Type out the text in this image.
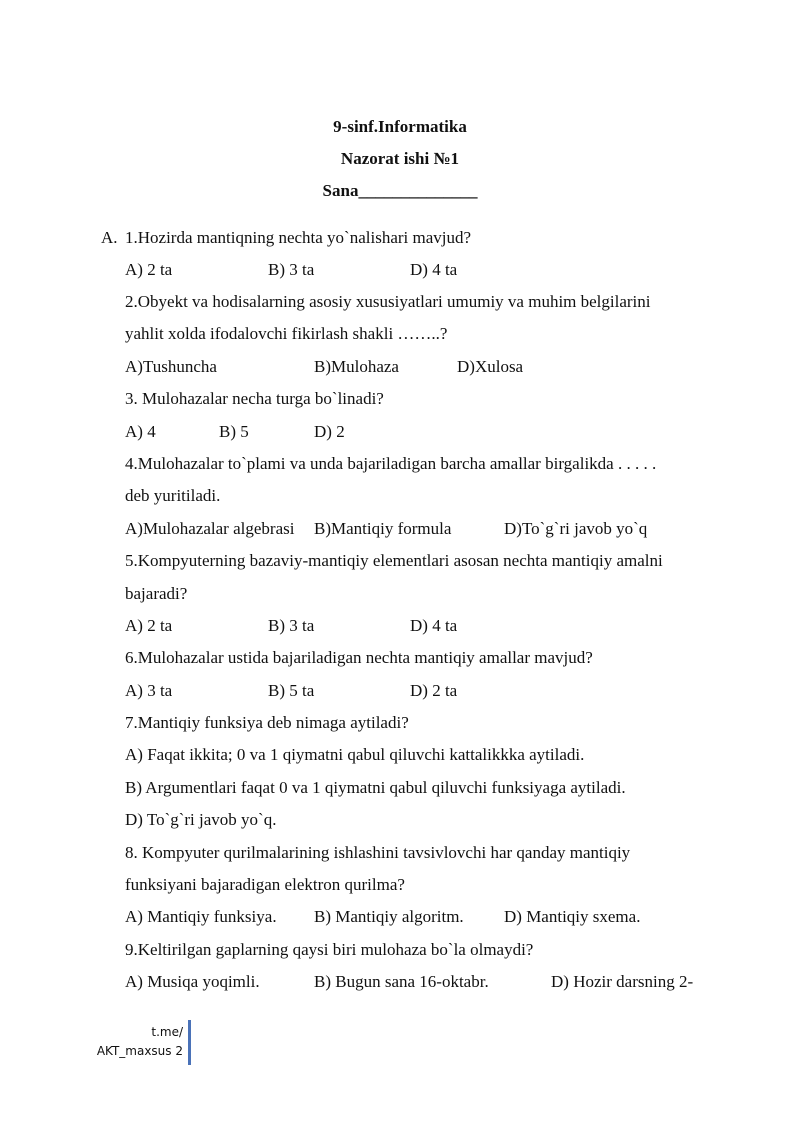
9-sinf.Informatika
Nazorat ishi №1
Sana______________
A. 1.Hozirda mantiqning nechta yo`nalishari mavjud?
A) 2 ta	B) 3 ta	D) 4 ta
2.Obyekt va hodisalarning asosiy xususiyatlari umumiy va muhim belgilarini
yahlit xolda ifodalovchi fikirlash shakli ……..?
A)Tushuncha	B)Mulohaza	D)Xulosa
3. Mulohazalar necha turga bo`linadi?
A) 4	B) 5	D) 2
4.Mulohazalar to`plami va unda bajariladigan barcha amallar birgalikda . . . . .
deb yuritiladi.
A)Mulohazalar algebrasi B)Mantiqiy formula	D)To`g`ri javob yo`q
5.Kompyuterning bazaviy-mantiqiy elementlari asosan nechta mantiqiy amalni
bajaradi?
A) 2 ta	B) 3 ta	D) 4 ta
6.Mulohazalar ustida bajariladigan nechta mantiqiy amallar mavjud?
A) 3 ta	B) 5 ta	D) 2 ta
7.Mantiqiy funksiya deb nimaga aytiladi?
A) Faqat ikkita; 0 va 1 qiymatni qabul qiluvchi kattalikkka aytiladi.
B) Argumentlari faqat 0 va 1 qiymatni qabul qiluvchi funksiyaga aytiladi.
D) To`g`ri javob yo`q.
8. Kompyuter qurilmalarining ishlashini tavsivlovchi har qanday mantiqiy
funksiyani bajaradigan elektron qurilma?
A) Mantiqiy funksiya. B) Mantiqiy algoritm. D) Mantiqiy sxema.
9.Keltirilgan gaplarning qaysi biri mulohaza bo`la olmaydi?
A) Musiqa yoqimli.	B) Bugun sana 16-oktabr.	D) Hozir darsning 2-
t.me/
AKT_maxsus 2
